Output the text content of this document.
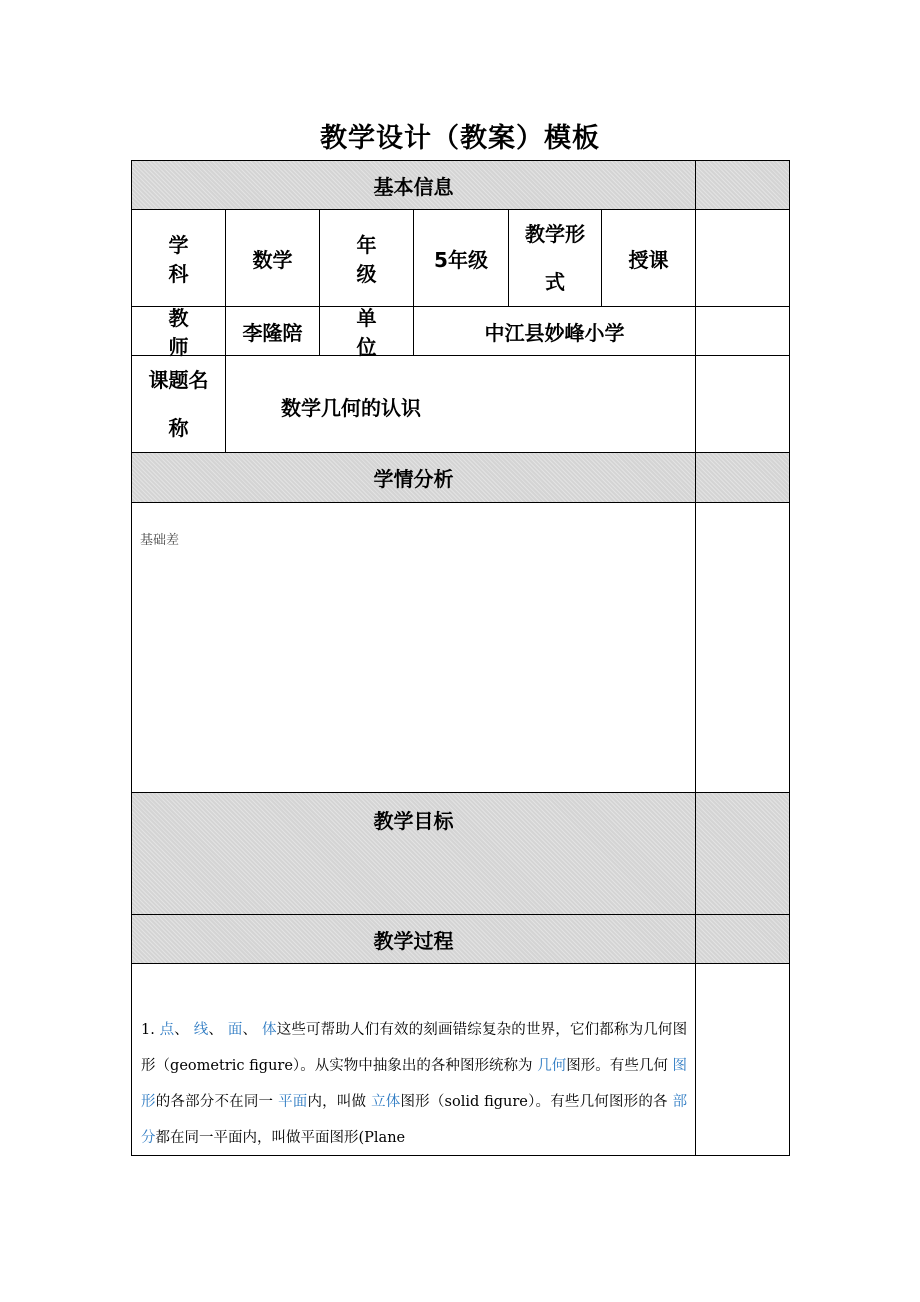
教学设计（教案）模板
基本信息
学 科
数学
年 级
5年级
教学形
式
授课
教 师
李隆陪
单 位
中江县妙峰小学
课题名
称
数学几何的认识
学情分析
基础差
教学目标
教学过程
1. 点、 线、 面、 体这些可帮助人们有效的刻画错综复杂的世界，它们都称为几何图形（geometric figure）。从实物中抽象出的各种图形统称为 几何图形。有些几何 图形的各部分不在同一 平面内，叫做 立体图形（solid figure）。有些几何图形的各 部分都在同一平面内，叫做平面图形(Plane
